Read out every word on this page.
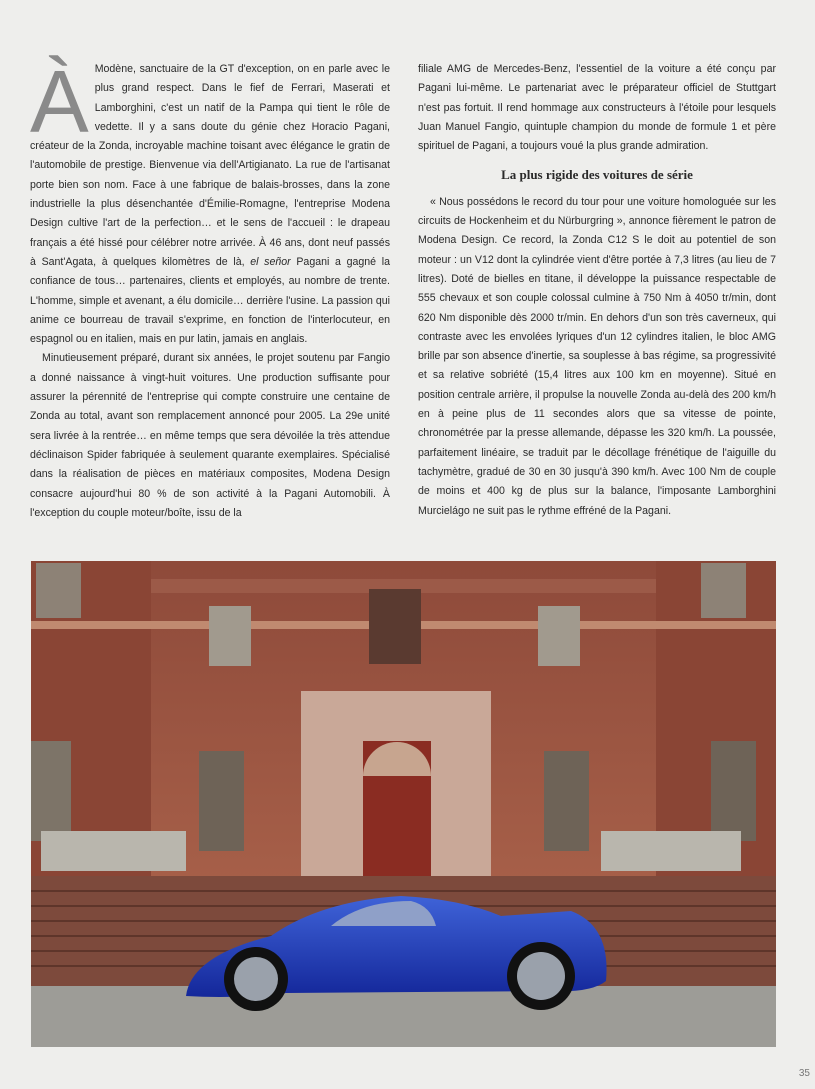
À Modène, sanctuaire de la GT d'exception, on en parle avec le plus grand respect. Dans le fief de Ferrari, Maserati et Lamborghini, c'est un natif de la Pampa qui tient le rôle de vedette. Il y a sans doute du génie chez Horacio Pagani, créateur de la Zonda, incroyable machine toisant avec élégance le gratin de l'automobile de prestige. Bienvenue via dell'Artigianato. La rue de l'artisanat porte bien son nom. Face à une fabrique de balais-brosses, dans la zone industrielle la plus désenchantée d'Émilie-Romagne, l'entreprise Modena Design cultive l'art de la perfection… et le sens de l'accueil : le drapeau français a été hissé pour célébrer notre arrivée. À 46 ans, dont neuf passés à Sant'Agata, à quelques kilomètres de là, el señor Pagani a gagné la confiance de tous… partenaires, clients et employés, au nombre de trente. L'homme, simple et avenant, a élu domicile… derrière l'usine. La passion qui anime ce bourreau de travail s'exprime, en fonction de l'interlocuteur, en espagnol ou en italien, mais en pur latin, jamais en anglais.

Minutieusement préparé, durant six années, le projet soutenu par Fangio a donné naissance à vingt-huit voitures. Une production suffisante pour assurer la pérennité de l'entreprise qui compte construire une centaine de Zonda au total, avant son remplacement annoncé pour 2005. La 29e unité sera livrée à la rentrée… en même temps que sera dévoilée la très attendue déclinaison Spider fabriquée à seulement quarante exemplaires. Spécialisé dans la réalisation de pièces en matériaux composites, Modena Design consacre aujourd'hui 80 % de son activité à la Pagani Automobili. À l'exception du couple moteur/boîte, issu de la

filiale AMG de Mercedes-Benz, l'essentiel de la voiture a été conçu par Pagani lui-même. Le partenariat avec le préparateur officiel de Stuttgart n'est pas fortuit. Il rend hommage aux constructeurs à l'étoile pour lesquels Juan Manuel Fangio, quintuple champion du monde de formule 1 et père spirituel de Pagani, a toujours voué la plus grande admiration.

La plus rigide des voitures de série

« Nous possédons le record du tour pour une voiture homologuée sur les circuits de Hockenheim et du Nürburgring », annonce fièrement le patron de Modena Design. Ce record, la Zonda C12 S le doit au potentiel de son moteur : un V12 dont la cylindrée vient d'être portée à 7,3 litres (au lieu de 7 litres). Doté de bielles en titane, il développe la puissance respectable de 555 chevaux et son couple colossal culmine à 750 Nm à 4050 tr/min, dont 620 Nm disponible dès 2000 tr/min. En dehors d'un son très caverneux, qui contraste avec les envolées lyriques d'un 12 cylindres italien, le bloc AMG brille par son absence d'inertie, sa souplesse à bas régime, sa progressivité et sa relative sobriété (15,4 litres aux 100 km en moyenne). Situé en position centrale arrière, il propulse la nouvelle Zonda au-delà des 200 km/h en à peine plus de 11 secondes alors que sa vitesse de pointe, chronométrée par la presse allemande, dépasse les 320 km/h. La poussée, parfaitement linéaire, se traduit par le décollage frénétique de l'aiguille du tachymètre, gradué de 30 en 30 jusqu'à 390 km/h. Avec 100 Nm de couple de moins et 400 kg de plus sur la balance, l'imposante Lamborghini Murcielágo ne suit pas le rythme effréné de la Pagani.

35
